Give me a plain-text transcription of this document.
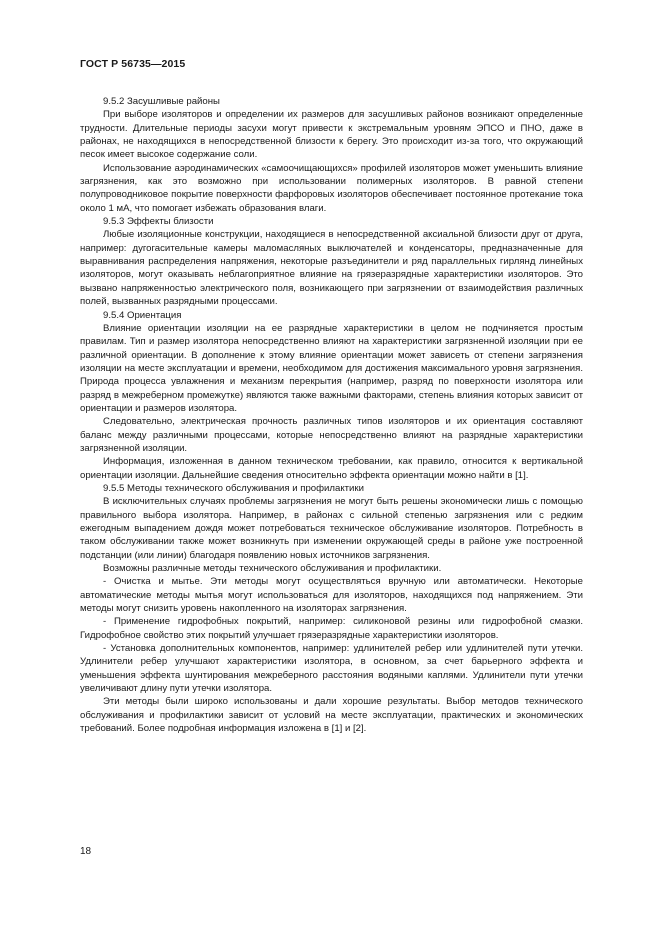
ГОСТ Р 56735—2015

9.5.2 Засушливые районы

При выборе изоляторов и определении их размеров для засушливых районов возникают определенные трудности. Длительные периоды засухи могут привести к экстремальным уровням ЭПСО и ПНО, даже в районах, не находящихся в непосредственной близости к берегу. Это происходит из-за того, что окружающий песок имеет высокое содержание соли.

Использование аэродинамических «самоочищающихся» профилей изоляторов может уменьшить влияние загрязнения, как это возможно при использовании полимерных изоляторов. В равной степени полупроводниковое покрытие поверхности фарфоровых изоляторов обеспечивает постоянное протекание тока около 1 мА, что помогает избежать образования влаги.

9.5.3 Эффекты близости

Любые изоляционные конструкции, находящиеся в непосредственной аксиальной близости друг от друга, например: дугогасительные камеры маломасляных выключателей и конденсаторы, предназначенные для выравнивания распределения напряжения, некоторые разъединители и ряд параллельных гирлянд линейных изоляторов, могут оказывать неблагоприятное влияние на грязеразрядные характеристики изоляторов. Это вызвано напряженностью электрического поля, возникающего при загрязнении от взаимодействия различных полей, вызванных разрядными процессами.

9.5.4 Ориентация

Влияние ориентации изоляции на ее разрядные характеристики в целом не подчиняется простым правилам. Тип и размер изолятора непосредственно влияют на характеристики загрязненной изоляции при ее различной ориентации. В дополнение к этому влияние ориентации может зависеть от степени загрязнения изоляции на месте эксплуатации и времени, необходимом для достижения максимального уровня загрязнения. Природа процесса увлажнения и механизм перекрытия (например, разряд по поверхности изолятора или разряд в межреберном промежутке) являются также важными факторами, степень влияния которых зависит от ориентации и размеров изолятора.

Следовательно, электрическая прочность различных типов изоляторов и их ориентация составляют баланс между различными процессами, которые непосредственно влияют на разрядные характеристики загрязненной изоляции.

Информация, изложенная в данном техническом требовании, как правило, относится к вертикальной ориентации изоляции. Дальнейшие сведения относительно эффекта ориентации можно найти в [1].

9.5.5 Методы технического обслуживания и профилактики

В исключительных случаях проблемы загрязнения не могут быть решены экономически лишь с помощью правильного выбора изолятора. Например, в районах с сильной степенью загрязнения или с редким ежегодным выпадением дождя может потребоваться техническое обслуживание изоляторов. Потребность в таком обслуживании также может возникнуть при изменении окружающей среды в районе уже построенной подстанции (или линии) благодаря появлению новых источников загрязнения.

Возможны различные методы технического обслуживания и профилактики.

- Очистка и мытье. Эти методы могут осуществляться вручную или автоматически. Некоторые автоматические методы мытья могут использоваться для изоляторов, находящихся под напряжением. Эти методы могут снизить уровень накопленного на изоляторах загрязнения.

- Применение гидрофобных покрытий, например: силиконовой резины или гидрофобной смазки. Гидрофобное свойство этих покрытий улучшает грязеразрядные характеристики изоляторов.

- Установка дополнительных компонентов, например: удлинителей ребер или удлинителей пути утечки. Удлинители ребер улучшают характеристики изолятора, в основном, за счет барьерного эффекта и уменьшения эффекта шунтирования межреберного расстояния водяными каплями. Удлинители пути утечки увеличивают длину пути утечки изолятора.

Эти методы были широко использованы и дали хорошие результаты. Выбор методов технического обслуживания и профилактики зависит от условий на месте эксплуатации, практических и экономических требований. Более подробная информация изложена в [1] и [2].

18
